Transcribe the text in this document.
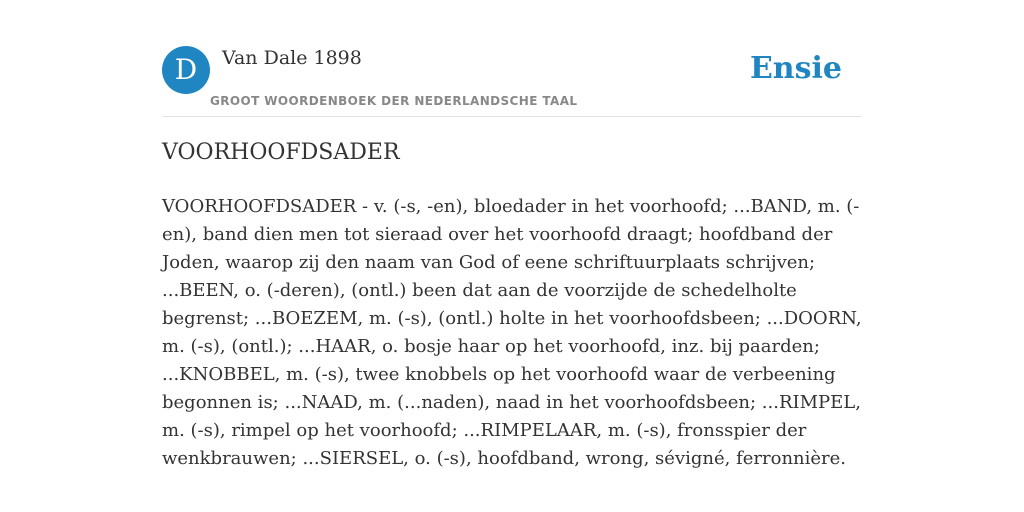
D	Van Dale 1898
GROOT WOORDENBOEK DER NEDERLANDSCHE TAAL
Ensie
VOORHOOFDSADER

VOORHOOFDSADER - v. (-s, -en), bloedader in het voorhoofd; ...BAND, m. (-en), band dien men tot sieraad over het voorhoofd draagt; hoofdband der Joden, waarop zij den naam van God of eene schriftuurplaats schrijven; ...BEEN, o. (-deren), (ontl.) been dat aan de voorzijde de schedelholte begrenst; ...BOEZEM, m. (-s), (ontl.) holte in het voorhoofdsbeen; ...DOORN, m. (-s), (ontl.); ...HAAR, o. bosje haar op het voorhoofd, inz. bij paarden; ...KNOBBEL, m. (-s), twee knobbels op het voorhoofd waar de verbeening begonnen is; ...NAAD, m. (...naden), naad in het voorhoofdsbeen; ...RIMPEL, m. (-s), rimpel op het voorhoofd; ...RIMPELAAR, m. (-s), fronsspier der wenkbrauwen; ...SIERSEL, o. (-s), hoofdband, wrong, sévigné, ferronnière.
